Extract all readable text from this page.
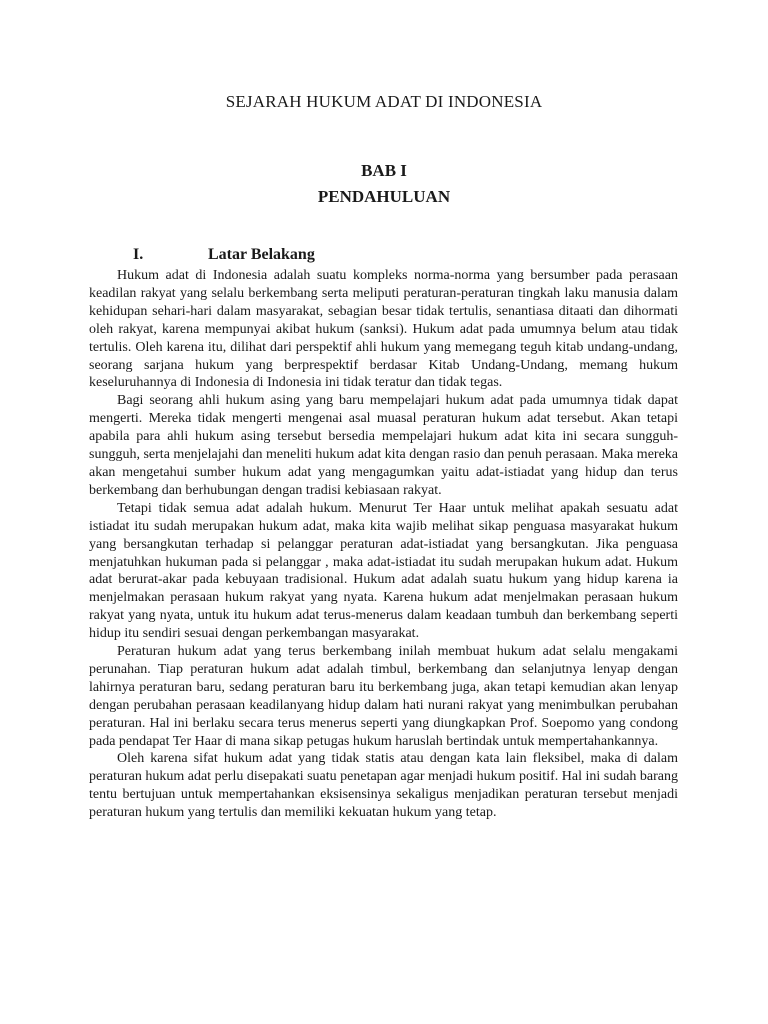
SEJARAH HUKUM ADAT DI INDONESIA
BAB I
PENDAHULUAN
I.	Latar Belakang

Hukum adat di Indonesia adalah suatu kompleks norma-norma yang bersumber pada perasaan keadilan rakyat yang selalu berkembang serta meliputi peraturan-peraturan tingkah laku manusia dalam kehidupan sehari-hari dalam masyarakat, sebagian besar tidak tertulis, senantiasa ditaati dan dihormati oleh rakyat, karena mempunyai akibat hukum (sanksi). Hukum adat pada umumnya belum atau tidak tertulis. Oleh karena itu, dilihat dari perspektif ahli hukum yang memegang teguh kitab undang-undang, seorang sarjana hukum yang berprespektif berdasar Kitab Undang-Undang, memang hukum keseluruhannya di Indonesia di Indonesia ini tidak teratur dan tidak tegas.

Bagi seorang ahli hukum asing yang baru mempelajari hukum adat pada umumnya tidak dapat mengerti. Mereka tidak mengerti mengenai asal muasal peraturan hukum adat tersebut. Akan tetapi apabila para ahli hukum asing tersebut bersedia mempelajari hukum adat kita ini secara sungguh-sungguh, serta menjelajahi dan meneliti hukum adat kita dengan rasio dan penuh perasaan. Maka mereka akan mengetahui sumber hukum adat yang mengagumkan yaitu adat-istiadat yang hidup dan terus berkembang dan berhubungan dengan tradisi kebiasaan rakyat.

Tetapi tidak semua adat adalah hukum. Menurut Ter Haar untuk melihat apakah sesuatu adat istiadat itu sudah merupakan hukum adat, maka kita wajib melihat sikap penguasa masyarakat hukum yang bersangkutan terhadap si pelanggar peraturan adat-istiadat yang bersangkutan. Jika penguasa menjatuhkan hukuman pada si pelanggar , maka adat-istiadat itu sudah merupakan hukum adat. Hukum adat berurat-akar pada kebuyaan tradisional. Hukum adat adalah suatu hukum yang hidup karena ia menjelmakan perasaan hukum rakyat yang nyata. Karena hukum adat menjelmakan perasaan hukum rakyat yang nyata, untuk itu hukum adat terus-menerus dalam keadaan tumbuh dan berkembang seperti hidup itu sendiri sesuai dengan perkembangan masyarakat.

Peraturan hukum adat yang terus berkembang inilah membuat hukum adat selalu mengakami perunahan. Tiap peraturan hukum adat adalah timbul, berkembang dan selanjutnya lenyap dengan lahirnya peraturan baru, sedang peraturan baru itu berkembang juga, akan tetapi kemudian akan lenyap dengan perubahan perasaan keadilanyang hidup dalam hati nurani rakyat yang menimbulkan perubahan peraturan. Hal ini berlaku secara terus menerus seperti yang diungkapkan Prof. Soepomo yang condong pada pendapat Ter Haar di mana sikap petugas hukum haruslah bertindak untuk mempertahankannya.

Oleh karena sifat hukum adat yang tidak statis atau dengan kata lain fleksibel, maka di dalam peraturan hukum adat perlu disepakati suatu penetapan agar menjadi hukum positif. Hal ini sudah barang tentu bertujuan untuk mempertahankan eksisensinya sekaligus menjadikan peraturan tersebut menjadi peraturan hukum yang tertulis dan memiliki kekuatan hukum yang tetap.
